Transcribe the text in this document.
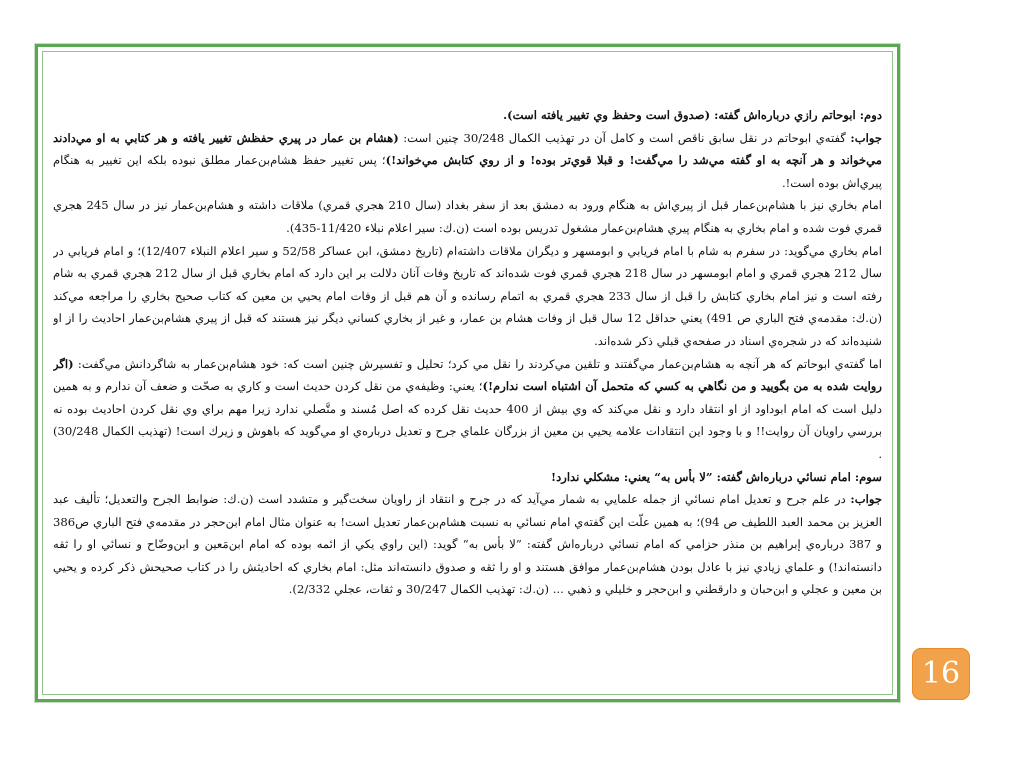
دوم: ابوحاتم رازي درباره‌اش گفته: (صدوق است وحفظ وي تغيير يافته است).

جواب: گفته‌ي ابوحاتم در نقل سابق ناقص است و كامل آن در تهذيب الكمال 30/248 چنين است: (هشام بن عمار در پيري حفظش تغيير يافته و هر كتابي به او مي‌دادند مي‌خواند و هر آنچه به او گفته مي‌شد را مي‌گفت! و قبلا قوي‌تر بوده! و از روي كتابش مي‌خواند!)؛ پس تغيير حفظ هشام‌بن‌عمار مطلق نبوده بلكه اين تغيير به هنگام پيري‌اش بوده است!.

امام بخاري نيز با هشام‌بن‌عمار قبل از پيري‌اش به هنگام ورود به دمشق بعد از سفر بغداد (سال 210 هجري قمري) ملاقات داشته و هشام‌بن‌عمار نيز در سال 245 هجري قمري فوت شده و امام بخاري به هنگام پيري هشام‌بن‌عمار مشغول تدريس بوده است (ن.ك: سير اعلام نبلاء 11/420-435).

امام بخاري مي‌گويد: در سفرم به شام با امام فريابي و ابومسهر و ديگران ملاقات داشته‌ام (تاريخ دمشق، ابن عساكر 52/58 و سير اعلام النبلاء 12/407)؛ و امام فريابي در سال 212 هجري قمري و امام ابومسهر در سال 218 هجري قمري فوت شده‌اند كه تاريخ وفات آنان دلالت بر اين دارد كه امام بخاري قبل از سال 212 هجري قمري به شام رفته است و نيز امام بخاري كتابش را قبل از سال 233 هجري قمري به اتمام رسانده و آن هم قبل از وفات امام يحيي بن معين كه كتاب صحيح بخاري را مراجعه مي‌كند (ن.ك: مقدمه‌ي فتح الباري ص 491) يعني حداقل 12 سال قبل از وفات هشام بن عمار، و غير از بخاري كساني ديگر نيز هستند كه قبل از پيري هشام‌بن‌عمار احاديث را از او شنيده‌اند كه در شجره‌ي اسناد در صفحه‌ي قبلي ذكر شده‌اند.

اما گفته‌ي ابوحاتم كه هر آنچه به هشام‌بن‌عمار مي‌گفتند و تلقين مي‌كردند را نقل مي كرد؛ تحليل و تفسيرش چنين است كه: خود هشام‌بن‌عمار به شاگردانش مي‌گفت: (اگر روايت شده به من بگوييد و من نگاهي به كسي كه متحمل آن اشتباه است ندارم!)؛ يعني: وظيفه‌ي من نقل كردن حديث است و كاري به صحّت و ضعف آن ندارم و به همين دليل است كه امام ابوداود از او انتقاد دارد و نقل مي‌كند كه وي بيش از 400 حديث نقل كرده كه اصل مُسند و متَّصلي ندارد زيرا مهم براي وي نقل كردن احاديث بوده نه بررسي راويان آن روايت!! و با وجود اين انتقادات علامه يحيي بن معين از بزرگان علماي جرح و تعديل درباره‌ي او مي‌گويد كه باهوش و زيرك است! (تهذيب الكمال 30/248) .

سوم: امام نسائي درباره‌اش گفته: ”لا بأس به“ يعني: مشكلي ندارد!

جواب: در علم جرح و تعديل امام نسائي از جمله علمايي به شمار مي‌آيد كه در جرح و انتقاد از راويان سخت‌گير و متشدد است (ن.ك: ضوابط الجرح والتعديل؛ تأليف عبد العزيز بن محمد العبد اللطيف ص 94)؛ به همين علّت اين گفته‌ي امام نسائي به نسبت هشام‌بن‌عمار تعديل است! به عنوان مثال امام ابن‌حجر در مقدمه‌ي فتح الباري ص386 و 387 درباره‌ي إبراهيم بن منذر حزامي كه امام نسائي درباره‌اش گفته: ”لا بأس به“ گويد: (اين راوي يكي از ائمه بوده كه امام ابن‌مَعين و ابن‌وضّاح و نسائي او را ثقه دانسته‌اند!) و علماي زيادي نيز با عادل بودن هشام‌بن‌عمار موافق هستند و او را ثقه و صدوق دانسته‌اند مثل: امام بخاري كه احاديثش را در كتاب صحيحش ذكر كرده و يحيي بن معين و عجلي و ابن‌حبان و دارقطني و ابن‌حجر و خليلي و ذهبي ... (ن.ك: تهذيب الكمال 30/247 و ثقات، عجلي 2/332).

16
